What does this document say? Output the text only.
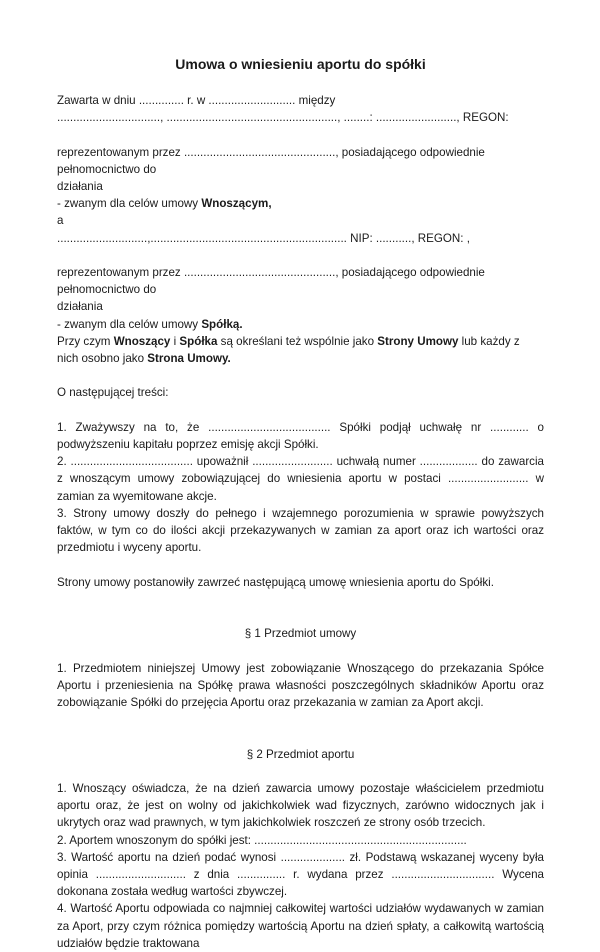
Umowa o wniesieniu aportu do spółki

Zawarta w dniu .............. r. w ........................... między

................................, ....................................................., ........: ........................., REGON:

reprezentowanym przez ..............................................., posiadającego odpowiednie pełnomocnictwo do

działania

- zwanym dla celów umowy Wnoszącym,

a

............................,............................................................. NIP: ..........., REGON: ,

reprezentowanym przez ..............................................., posiadającego odpowiednie pełnomocnictwo do

działania

- zwanym dla celów umowy Spółką.

Przy czym Wnoszący i Spółka są określani też wspólnie jako Strony Umowy lub każdy z nich osobno jako Strona Umowy.

O następującej treści:

1. Zważywszy na to, że ...................................... Spółki podjął uchwałę nr ............ o podwyższeniu kapitału poprzez emisję akcji Spółki.

2. ...................................... upoważnił ......................... uchwałą numer .................. do zawarcia z wnoszącym umowy zobowiązującej do wniesienia aportu w postaci ......................... w zamian za wyemitowane akcje.

3. Strony umowy doszły do pełnego i wzajemnego porozumienia w sprawie powyższych faktów, w tym co do ilości akcji przekazywanych w zamian za aport oraz ich wartości oraz przedmiotu i wyceny aportu.

Strony umowy postanowiły zawrzeć następującą umowę wniesienia aportu do Spółki.

§ 1 Przedmiot umowy

1. Przedmiotem niniejszej Umowy jest zobowiązanie Wnoszącego do przekazania Spółce Aportu i przeniesienia na Spółkę prawa własności poszczególnych składników Aportu oraz zobowiązanie Spółki do przejęcia Aportu oraz przekazania w zamian za Aport akcji.

§ 2 Przedmiot aportu

1. Wnoszący oświadcza, że na dzień zawarcia umowy pozostaje właścicielem przedmiotu aportu oraz, że jest on wolny od jakichkolwiek wad fizycznych, zarówno widocznych jak i ukrytych oraz wad prawnych, w tym jakichkolwiek roszczeń ze strony osób trzecich.

2. Aportem wnoszonym do spółki jest: ..................................................................

3. Wartość aportu na dzień podać wynosi .................... zł. Podstawą wskazanej wyceny była opinia ............................ z dnia ............... r. wydana przez ................................ Wycena dokonana została według wartości zbywczej.

4. Wartość Aportu odpowiada co najmniej całkowitej wartości udziałów wydawanych w zamian za Aport, przy czym różnica pomiędzy wartością Aportu na dzień spłaty, a całkowitą wartością udziałów będzie traktowana
